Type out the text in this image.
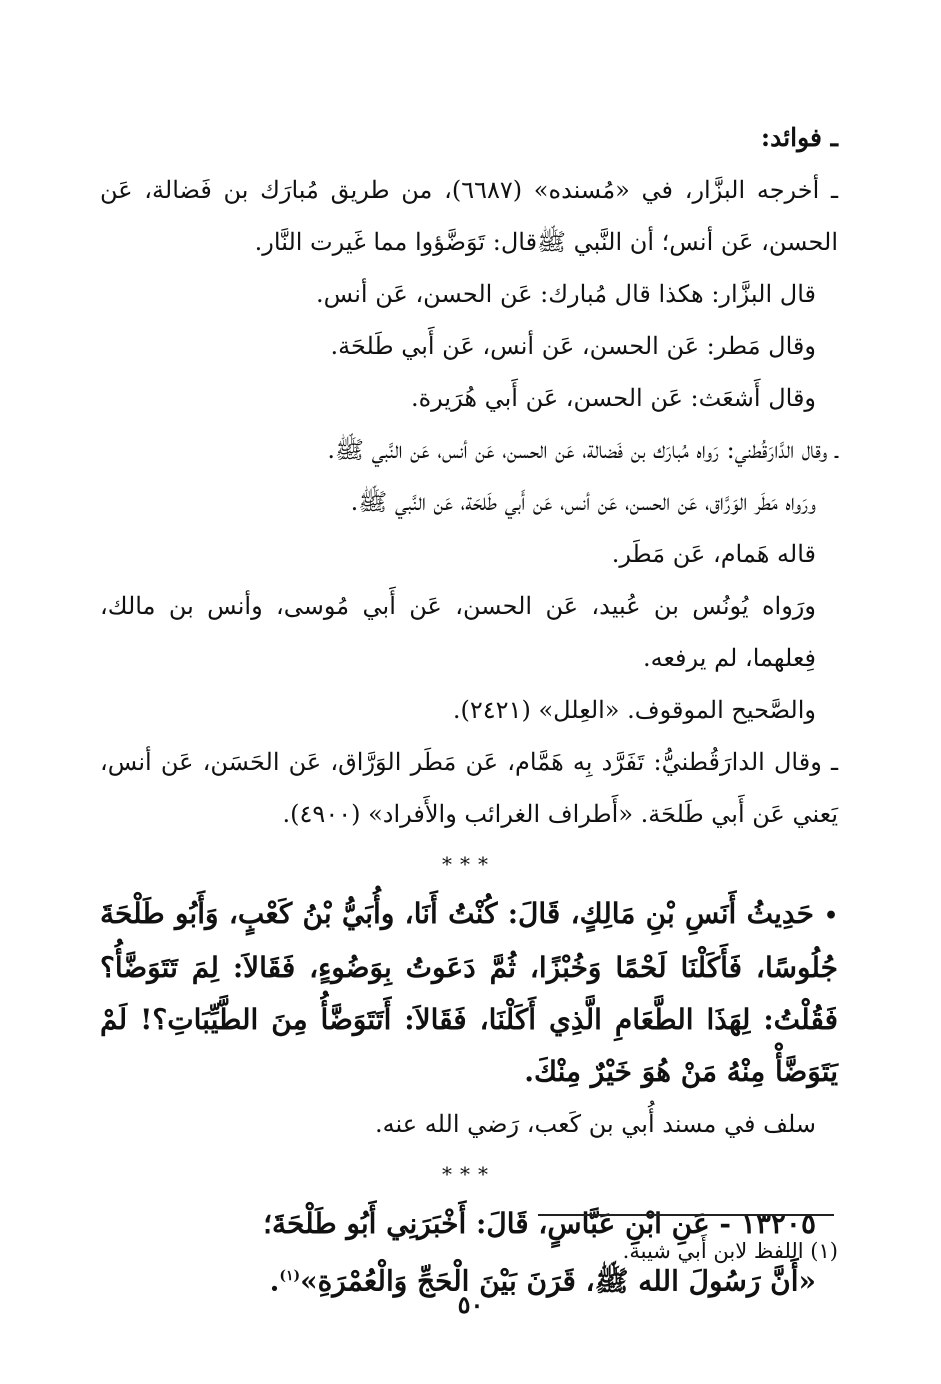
ـ فوائد:

ـ أخرجه البزَّار، في «مُسنده» (٦٦٨٧)، من طريق مُبارَك بن فَضالة، عَن الحسن، عَن أنس؛ أن النَّبي ﷺقال: تَوَضَّؤوا مما غَيرت النَّار.

قال البزَّار: هكذا قال مُبارك: عَن الحسن، عَن أنس.

وقال مَطر: عَن الحسن، عَن أنس، عَن أَبي طَلحَة.

وقال أَشعَث: عَن الحسن، عَن أَبي هُرَيرة.

ـ وقال الدَّارَقُطني: رَواه مُبارَك بن فَضالة، عَن الحسن، عَن أنس، عَن النَّبي ﷺ.

ورَواه مَطَر الوَرَّاق، عَن الحسن، عَن أنس، عَن أَبي طَلحَة، عَن النَّبي ﷺ.

قاله هَمام، عَن مَطَر.

ورَواه يُونُس بن عُبيد، عَن الحسن، عَن أَبي مُوسى، وأنس بن مالك، فِعلهما، لم يرفعه.

والصَّحيح الموقوف. «العِلل» (٢٤٢١).

ـ وقال الدارَقُطنيُّ: تَفَرَّد بِه هَمَّام، عَن مَطَر الوَرَّاق، عَن الحَسَن، عَن أنس، يَعني عَن أَبي طَلحَة. «أَطراف الغرائب والأَفراد» (٤٩٠٠).

***

•حَدِيثُ أَنَسِ بْنِ مَالِكٍ، قَالَ: كُنْتُ أَنَا، وأُبَيُّ بْنُ كَعْبٍ، وَأَبُو طَلْحَةَ جُلُوسًا، فَأَكَلْنَا لَحْمًا وَخُبْزًا، ثُمَّ دَعَوتُ بِوَضُوءٍ، فَقَالاَ: لِمَ تَتَوَضَّأُ؟ فَقُلْتُ: لِهَذَا الطَّعَامِ الَّذِي أَكَلْنَا، فَقَالاَ: أَتَتَوَضَّأُ مِنَ الطَّيِّبَاتِ؟! لَمْ يَتَوَضَّأْ مِنْهُ مَنْ هُوَ خَيْرٌ مِنْكَ.

سلف في مسند أُبي بن كَعب، رَضي الله عنه.

***

١٣٢٠٥ - عَنِ ابْنِ عَبَّاسٍ، قَالَ: أَخْبَرَنِي أَبُو طَلْحَةَ؛

«أَنَّ رَسُولَ الله ﷺ، قَرَنَ بَيْنَ الْحَجِّ وَالْعُمْرَةِ»$^{(١)}$.

(١) اللفظ لابن أَبي شيبة.
٥٠
